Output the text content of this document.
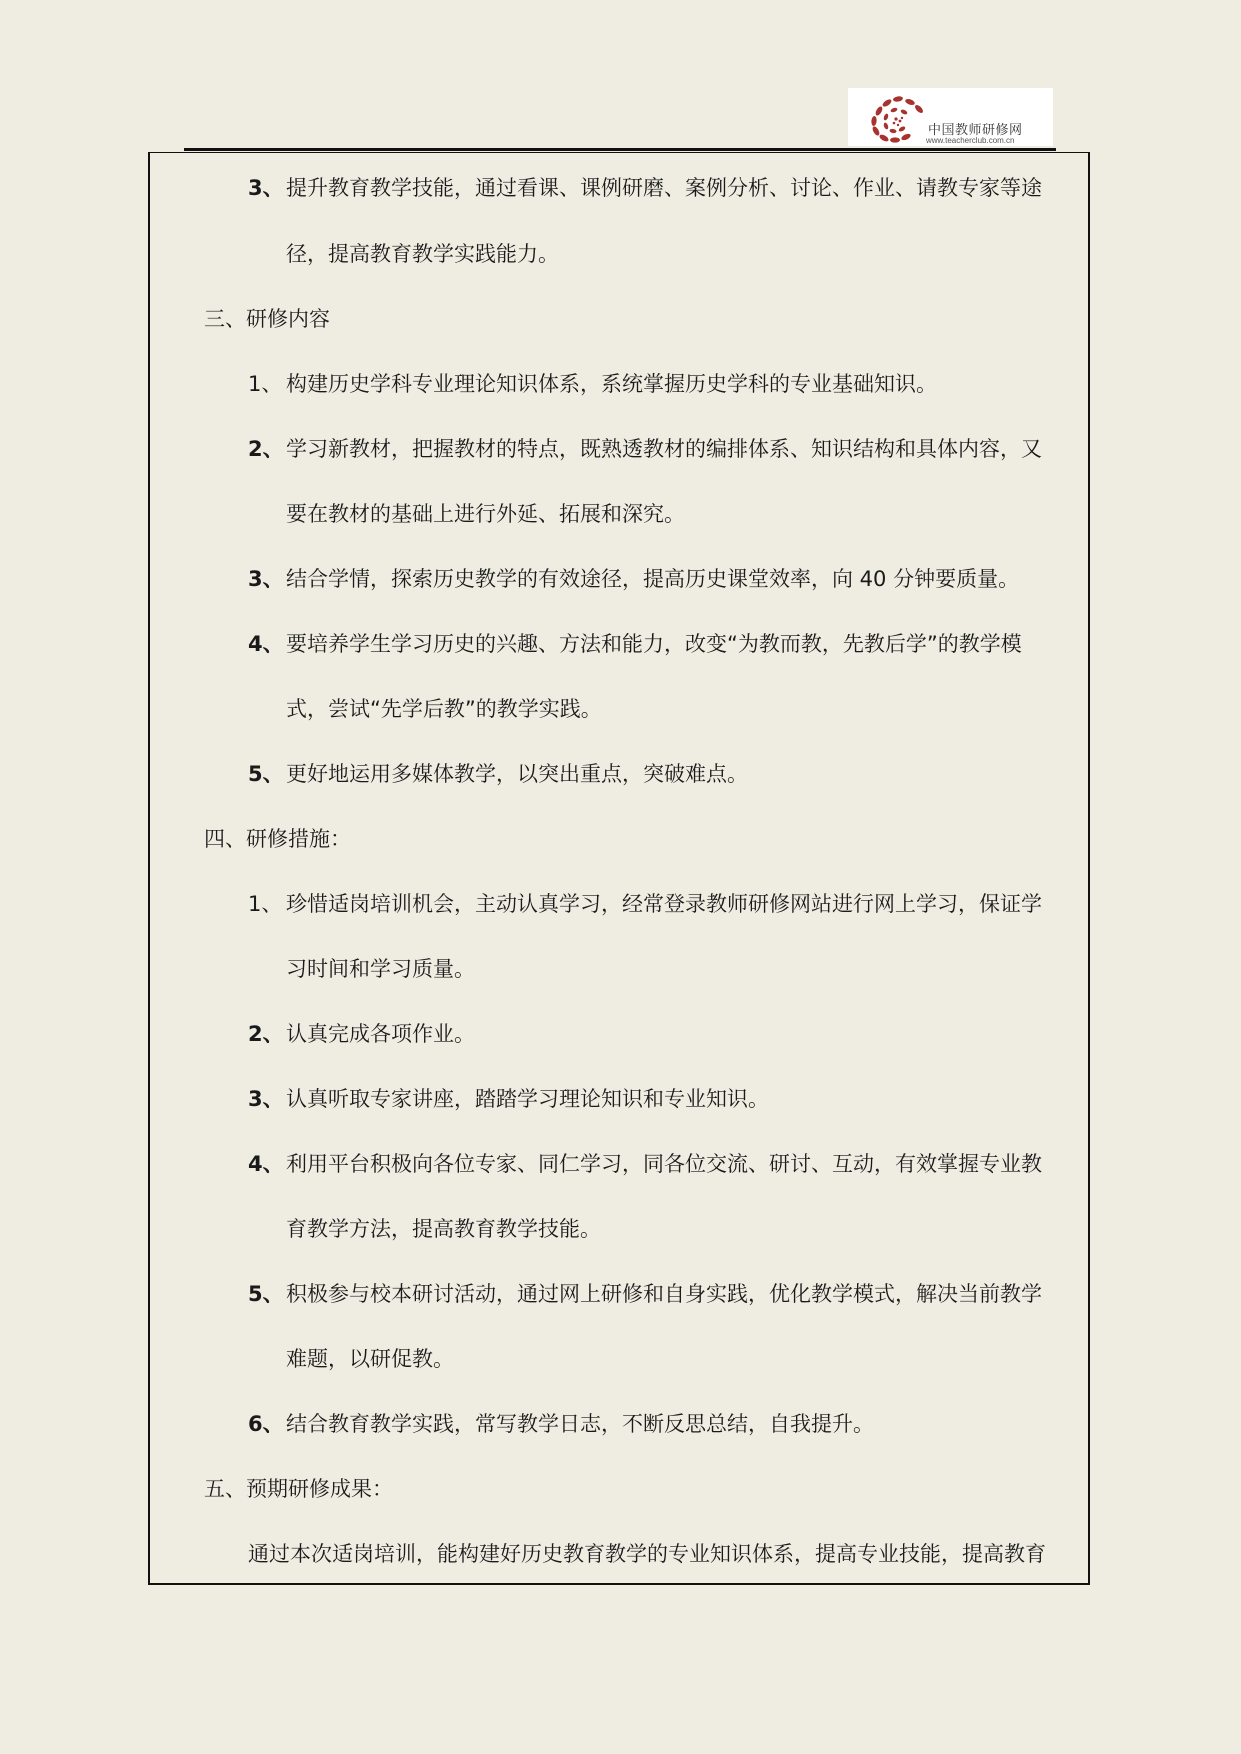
中国教师研修网
www.teacherclub.com.cn
3、 提升教育教学技能，通过看课、课例研磨、案例分析、讨论、作业、请教专家等途
径，提高教育教学实践能力。
三、研修内容
1、 构建历史学科专业理论知识体系，系统掌握历史学科的专业基础知识。
2、 学习新教材，把握教材的特点，既熟透教材的编排体系、知识结构和具体内容，又
要在教材的基础上进行外延、拓展和深究。
3、 结合学情，探索历史教学的有效途径，提高历史课堂效率，向 40 分钟要质量。
4、 要培养学生学习历史的兴趣、方法和能力，改变“为教而教，先教后学”的教学模
式，尝试“先学后教”的教学实践。
5、 更好地运用多媒体教学，以突出重点，突破难点。
四、研修措施：
1、 珍惜适岗培训机会，主动认真学习，经常登录教师研修网站进行网上学习，保证学
习时间和学习质量。
2、 认真完成各项作业。
3、 认真听取专家讲座，踏踏学习理论知识和专业知识。
4、 利用平台积极向各位专家、同仁学习，同各位交流、研讨、互动，有效掌握专业教
育教学方法，提高教育教学技能。
5、 积极参与校本研讨活动，通过网上研修和自身实践，优化教学模式，解决当前教学
难题，以研促教。
6、 结合教育教学实践，常写教学日志，不断反思总结，自我提升。
五、预期研修成果：
通过本次适岗培训，能构建好历史教育教学的专业知识体系，提高专业技能，提高教育
